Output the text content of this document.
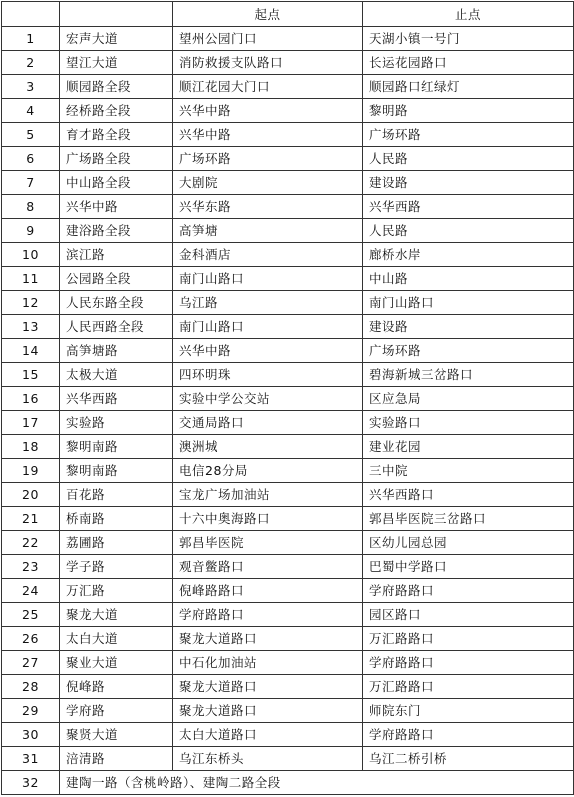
		起点	止点
1	宏声大道	望州公园门口	天湖小镇一号门
2	望江大道	消防救援支队路口	长运花园路口
3	顺园路全段	顺江花园大门口	顺园路口红绿灯
4	经桥路全段	兴华中路	黎明路
5	育才路全段	兴华中路	广场环路
6	广场路全段	广场环路	人民路
7	中山路全段	大剧院	建设路
8	兴华中路	兴华东路	兴华西路
9	建浴路全段	高笋塘	人民路
10	滨江路	金科酒店	廊桥水岸
11	公园路全段	南门山路口	中山路
12	人民东路全段	乌江路	南门山路口
13	人民西路全段	南门山路口	建设路
14	高笋塘路	兴华中路	广场环路
15	太极大道	四环明珠	碧海新城三岔路口
16	兴华西路	实验中学公交站	区应急局
17	实验路	交通局路口	实验路口
18	黎明南路	澳洲城	建业花园
19	黎明南路	电信28分局	三中院
20	百花路	宝龙广场加油站	兴华西路口
21	桥南路	十六中奥海路口	郭昌毕医院三岔路口
22	荔圃路	郭昌毕医院	区幼儿园总园
23	学子路	观音鳖路口	巴蜀中学路口
24	万汇路	倪峰路路口	学府路路口
25	聚龙大道	学府路路口	园区路口
26	太白大道	聚龙大道路口	万汇路路口
27	聚业大道	中石化加油站	学府路路口
28	倪峰路	聚龙大道路口	万汇路路口
29	学府路	聚龙大道路口	师院东门
30	聚贤大道	太白大道路口	学府路路口
31	涪清路	乌江东桥头	乌江二桥引桥
32	建陶一路（含桃岭路）、建陶二路全段		
